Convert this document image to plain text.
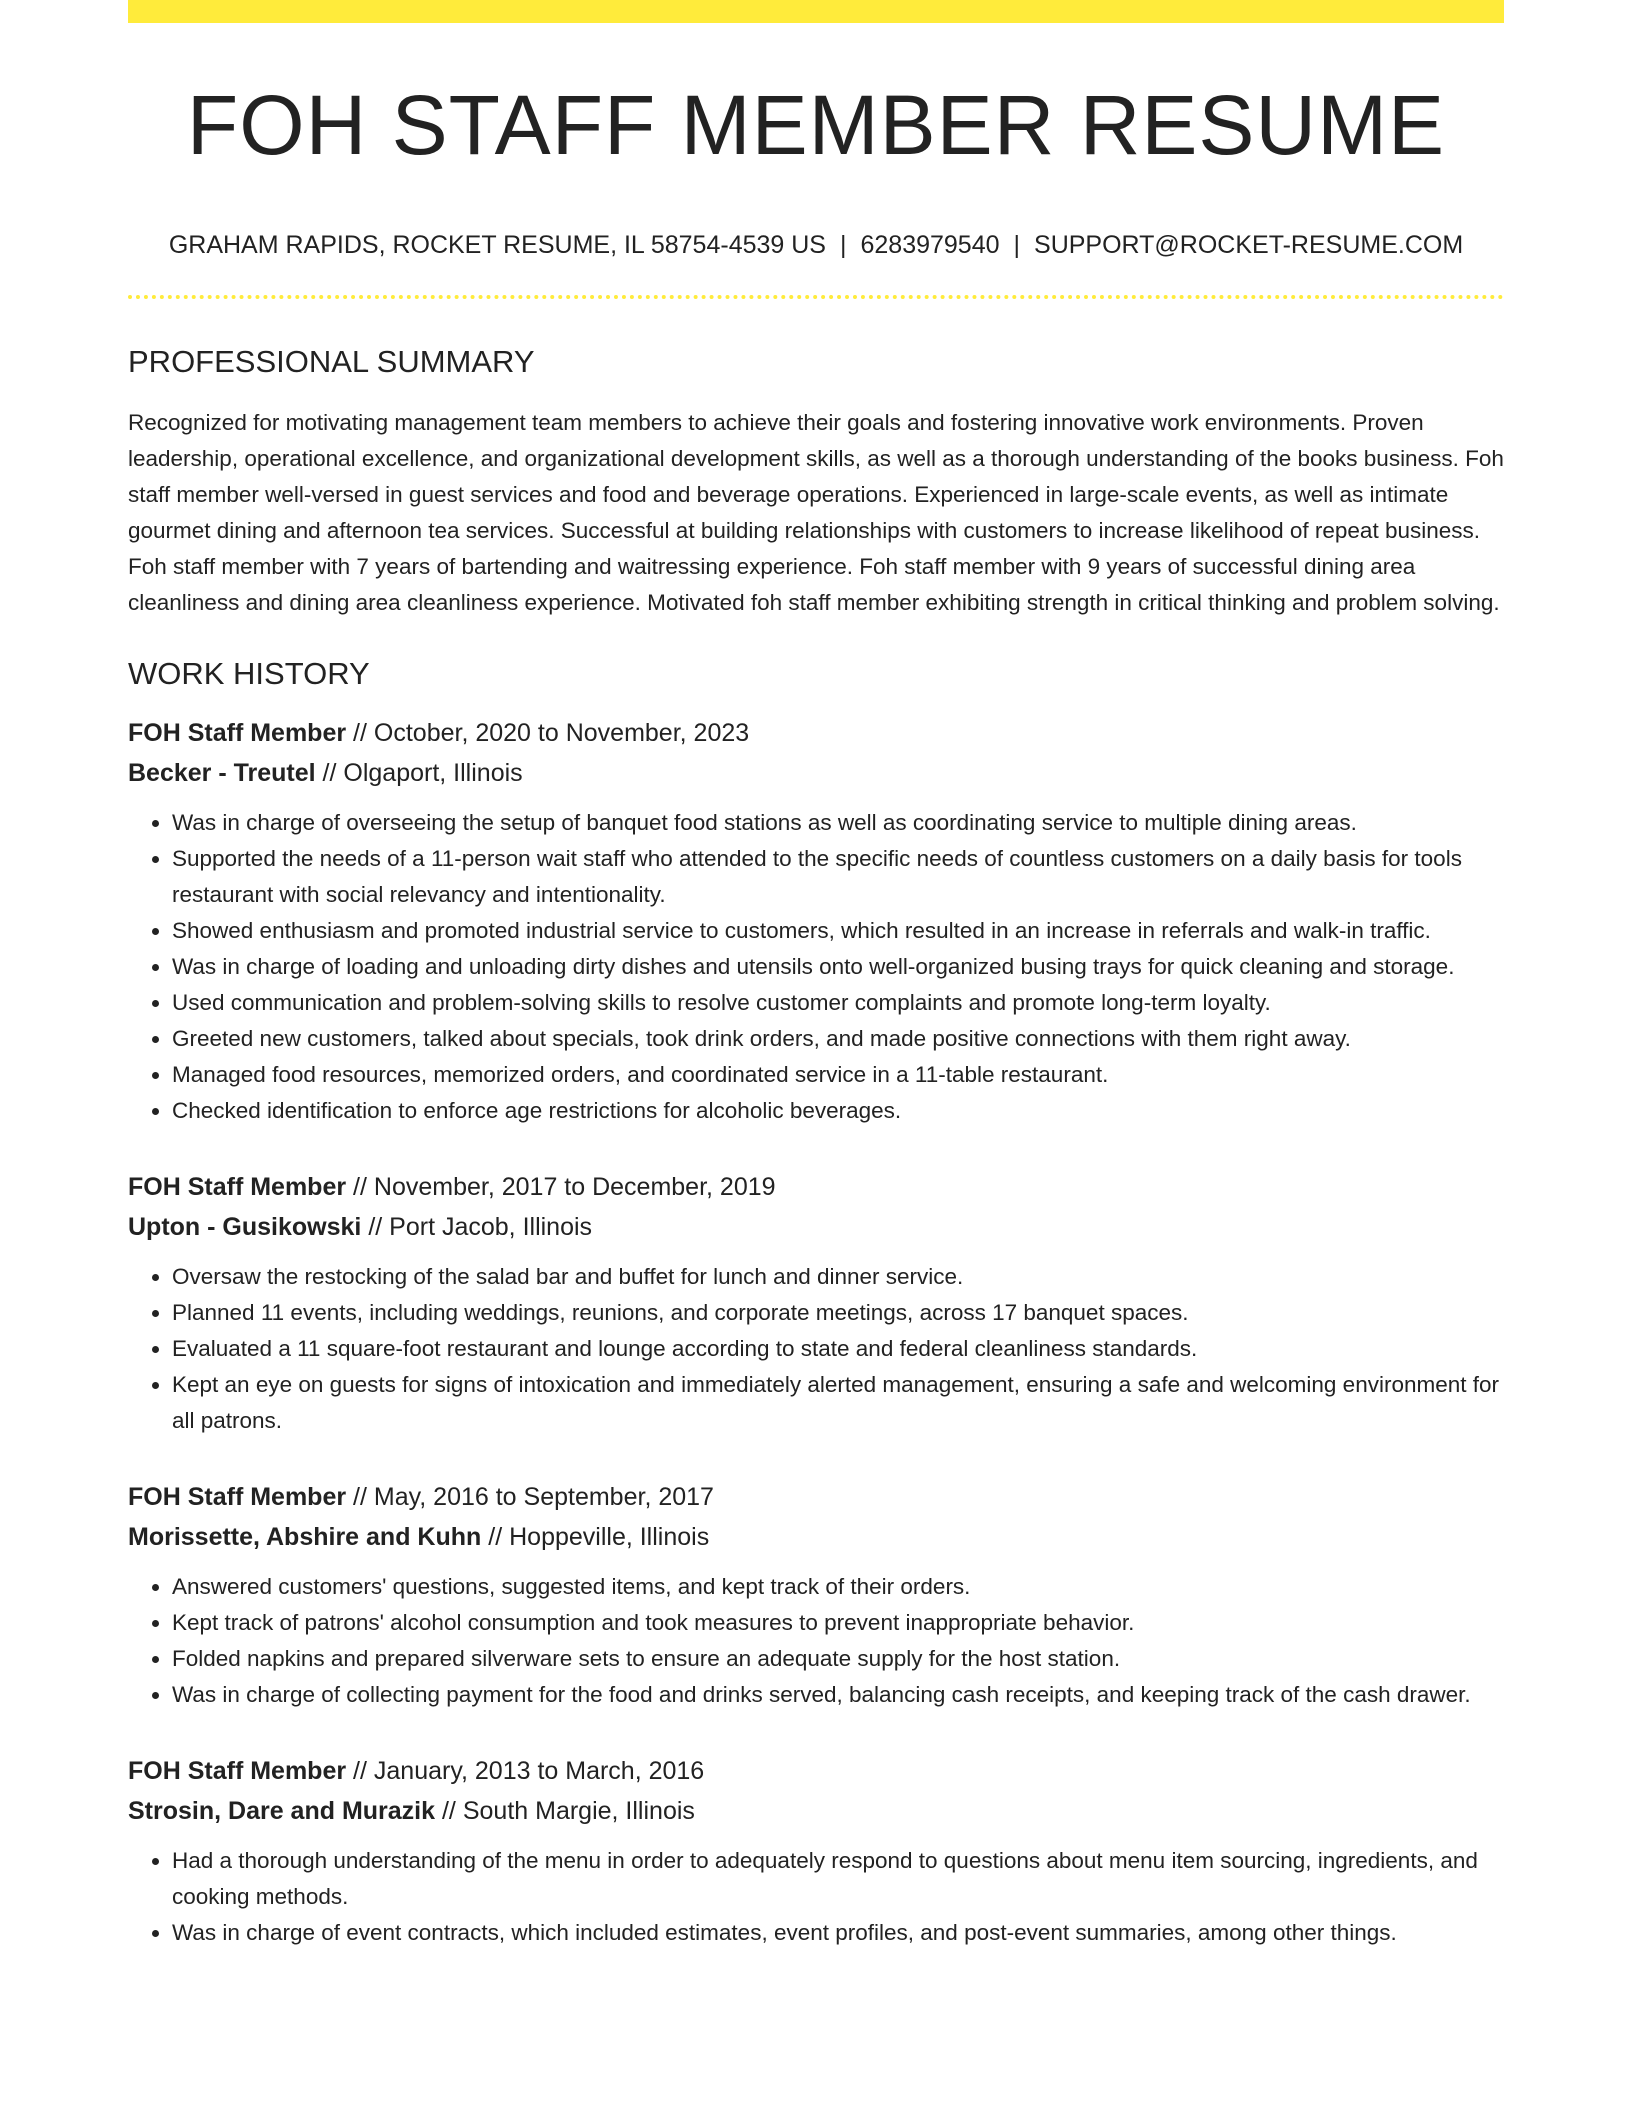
FOH STAFF MEMBER RESUME
GRAHAM RAPIDS, ROCKET RESUME, IL 58754-4539 US | 6283979540 | SUPPORT@ROCKET-RESUME.COM
PROFESSIONAL SUMMARY

Recognized for motivating management team members to achieve their goals and fostering innovative work environments. Proven leadership, operational excellence, and organizational development skills, as well as a thorough understanding of the books business. Foh staff member well-versed in guest services and food and beverage operations. Experienced in large-scale events, as well as intimate gourmet dining and afternoon tea services. Successful at building relationships with customers to increase likelihood of repeat business. Foh staff member with 7 years of bartending and waitressing experience. Foh staff member with 9 years of successful dining area cleanliness and dining area cleanliness experience. Motivated foh staff member exhibiting strength in critical thinking and problem solving.

WORK HISTORY
FOH Staff Member // October, 2020 to November, 2023
Becker - Treutel // Olgaport, Illinois
• Was in charge of overseeing the setup of banquet food stations as well as coordinating service to multiple dining areas.
• Supported the needs of a 11-person wait staff who attended to the specific needs of countless customers on a daily basis for tools restaurant with social relevancy and intentionality.
• Showed enthusiasm and promoted industrial service to customers, which resulted in an increase in referrals and walk-in traffic.
• Was in charge of loading and unloading dirty dishes and utensils onto well-organized busing trays for quick cleaning and storage.
• Used communication and problem-solving skills to resolve customer complaints and promote long-term loyalty.
• Greeted new customers, talked about specials, took drink orders, and made positive connections with them right away.
• Managed food resources, memorized orders, and coordinated service in a 11-table restaurant.
• Checked identification to enforce age restrictions for alcoholic beverages.
FOH Staff Member // November, 2017 to December, 2019
Upton - Gusikowski // Port Jacob, Illinois
• Oversaw the restocking of the salad bar and buffet for lunch and dinner service.
• Planned 11 events, including weddings, reunions, and corporate meetings, across 17 banquet spaces.
• Evaluated a 11 square-foot restaurant and lounge according to state and federal cleanliness standards.
• Kept an eye on guests for signs of intoxication and immediately alerted management, ensuring a safe and welcoming environment for all patrons.
FOH Staff Member // May, 2016 to September, 2017
Morissette, Abshire and Kuhn // Hoppeville, Illinois
• Answered customers' questions, suggested items, and kept track of their orders.
• Kept track of patrons' alcohol consumption and took measures to prevent inappropriate behavior.
• Folded napkins and prepared silverware sets to ensure an adequate supply for the host station.
• Was in charge of collecting payment for the food and drinks served, balancing cash receipts, and keeping track of the cash drawer.
FOH Staff Member // January, 2013 to March, 2016
Strosin, Dare and Murazik // South Margie, Illinois
• Had a thorough understanding of the menu in order to adequately respond to questions about menu item sourcing, ingredients, and cooking methods.
• Was in charge of event contracts, which included estimates, event profiles, and post-event summaries, among other things.
